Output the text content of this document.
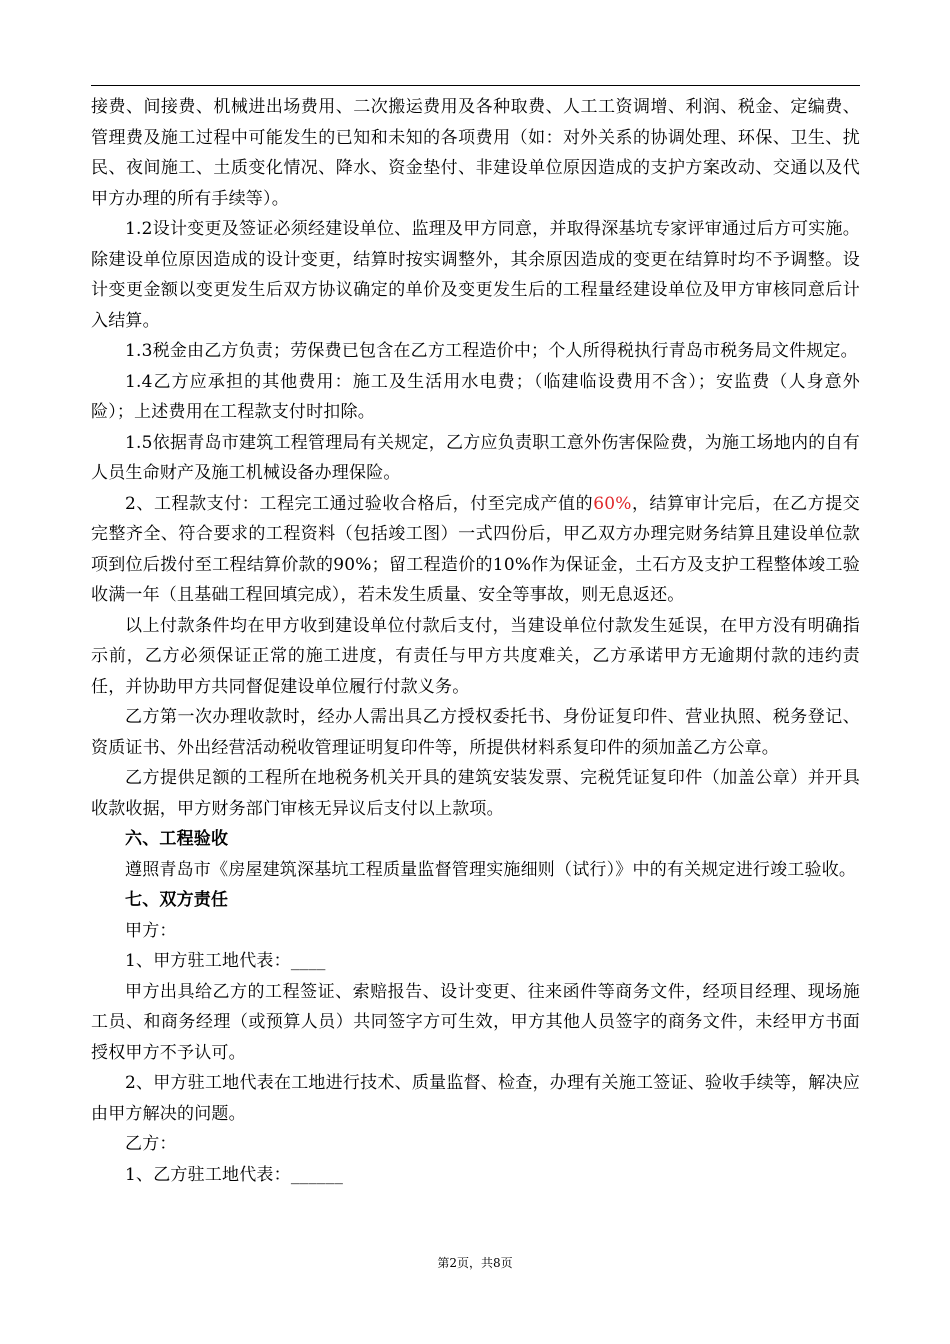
接费、间接费、机械进出场费用、二次搬运费用及各种取费、人工工资调增、利润、税金、定编费、管理费及施工过程中可能发生的已知和未知的各项费用（如：对外关系的协调处理、环保、卫生、扰民、夜间施工、土质变化情况、降水、资金垫付、非建设单位原因造成的支护方案改动、交通以及代甲方办理的所有手续等）。

1.2设计变更及签证必须经建设单位、监理及甲方同意，并取得深基坑专家评审通过后方可实施。除建设单位原因造成的设计变更，结算时按实调整外，其余原因造成的变更在结算时均不予调整。设计变更金额以变更发生后双方协议确定的单价及变更发生后的工程量经建设单位及甲方审核同意后计入结算。

1.3税金由乙方负责；劳保费已包含在乙方工程造价中；个人所得税执行青岛市税务局文件规定。

1.4乙方应承担的其他费用：施工及生活用水电费；（临建临设费用不含）；安监费（人身意外险）；上述费用在工程款支付时扣除。

1.5依据青岛市建筑工程管理局有关规定，乙方应负责职工意外伤害保险费，为施工场地内的自有人员生命财产及施工机械设备办理保险。

2、工程款支付：工程完工通过验收合格后，付至完成产值的60%，结算审计完后，在乙方提交完整齐全、符合要求的工程资料（包括竣工图）一式四份后，甲乙双方办理完财务结算且建设单位款项到位后拨付至工程结算价款的90%；留工程造价的10%作为保证金，土石方及支护工程整体竣工验收满一年（且基础工程回填完成），若未发生质量、安全等事故，则无息返还。

以上付款条件均在甲方收到建设单位付款后支付，当建设单位付款发生延误，在甲方没有明确指示前，乙方必须保证正常的施工进度，有责任与甲方共度难关，乙方承诺甲方无逾期付款的违约责任，并协助甲方共同督促建设单位履行付款义务。

乙方第一次办理收款时，经办人需出具乙方授权委托书、身份证复印件、营业执照、税务登记、资质证书、外出经营活动税收管理证明复印件等，所提供材料系复印件的须加盖乙方公章。

乙方提供足额的工程所在地税务机关开具的建筑安装发票、完税凭证复印件（加盖公章）并开具收款收据，甲方财务部门审核无异议后支付以上款项。

六、工程验收

遵照青岛市《房屋建筑深基坑工程质量监督管理实施细则（试行）》中的有关规定进行竣工验收。

七、双方责任

甲方：

1、甲方驻工地代表：____

甲方出具给乙方的工程签证、索赔报告、设计变更、往来函件等商务文件，经项目经理、现场施工员、和商务经理（或预算人员）共同签字方可生效，甲方其他人员签字的商务文件，未经甲方书面授权甲方不予认可。

2、甲方驻工地代表在工地进行技术、质量监督、检查，办理有关施工签证、验收手续等，解决应由甲方解决的问题。

乙方：

1、乙方驻工地代表：______

第2页，共8页
